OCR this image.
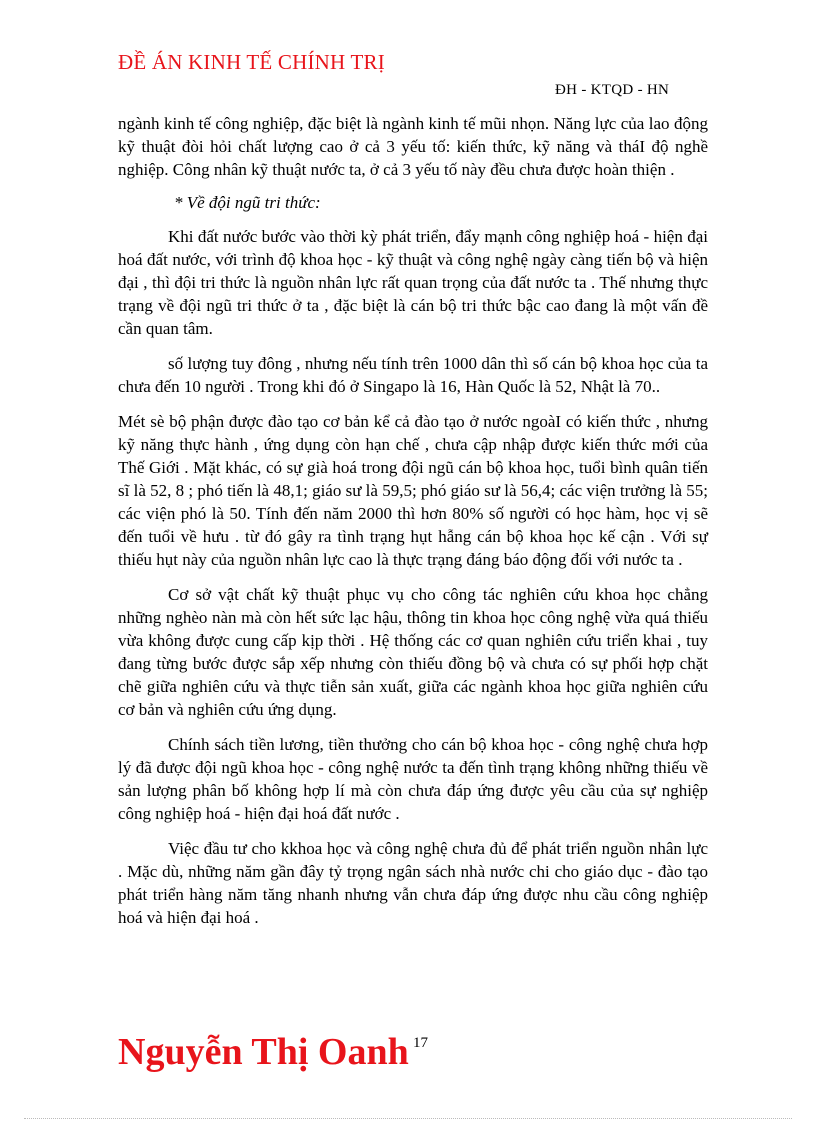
ĐỀ ÁN KINH TẾ CHÍNH TRỊ
ĐH - KTQD - HN

ngành kinh tế công nghiệp, đặc biệt là ngành kinh tế mũi nhọn. Năng lực của lao động kỹ thuật đòi hỏi chất lượng cao ở cả 3 yếu tố: kiến thức, kỹ năng và tháI độ nghề nghiệp. Công nhân kỹ thuật nước ta, ở cả 3 yếu tố này đều chưa được hoàn thiện .

* Về đội ngũ tri thức:

Khi đất nước bước vào thời kỳ phát triển, đẩy mạnh công nghiệp hoá - hiện đại hoá đất nước, với trình độ khoa học - kỹ thuật và công nghệ ngày càng tiến bộ và hiện đại , thì đội tri thức là nguồn nhân lực rất quan trọng của đất nước ta . Thế nhưng thực trạng về đội ngũ tri thức ở ta , đặc biệt là cán bộ tri thức bậc cao đang là một vấn đề cần quan tâm.

số lượng tuy đông , nhưng nếu tính trên 1000 dân thì số cán bộ khoa học của ta chưa đến 10 người . Trong khi đó ở Singapo là 16, Hàn Quốc là 52, Nhật là 70..

Mét sè bộ phận được đào tạo cơ bản kể cả đào tạo ở nước ngoàI có kiến thức , nhưng kỹ năng thực hành , ứng dụng còn hạn chế , chưa cập nhập được kiến thức mới của Thế Giới . Mặt khác, có sự già hoá trong đội ngũ cán bộ khoa học, tuổi bình quân tiến sĩ là 52, 8 ; phó tiến là 48,1; giáo sư là 59,5; phó giáo sư là 56,4; các viện trưởng là 55; các viện phó là 50. Tính đến năm 2000 thì hơn 80% số người có học hàm, học vị sẽ đến tuổi về hưu . từ đó gây ra tình trạng hụt hẫng cán bộ khoa học kế cận . Với sự thiếu hụt này của nguồn nhân lực cao là thực trạng đáng báo động đối với nước ta .

Cơ sở vật chất kỹ thuật phục vụ cho công tác nghiên cứu khoa học chẳng những nghèo nàn mà còn hết sức lạc hậu, thông tin khoa học công nghệ vừa quá thiếu vừa không được cung cấp kịp thời . Hệ thống các cơ quan nghiên cứu triển khai , tuy đang từng bước được sắp xếp nhưng còn thiếu đồng bộ và chưa có sự phối hợp chặt chẽ giữa nghiên cứu và thực tiễn sản xuất, giữa các ngành khoa học giữa nghiên cứu cơ bản và nghiên cứu ứng dụng.

Chính sách tiền lương, tiền thưởng cho cán bộ khoa học - công nghệ chưa hợp lý đã được đội ngũ khoa học - công nghệ nước ta đến tình trạng không những thiếu về sản lượng phân bố không hợp lí mà còn chưa đáp ứng được yêu cầu của sự nghiệp công nghiệp hoá - hiện đại hoá đất nước .

Việc đầu tư cho kkhoa học và công nghệ chưa đủ để phát triển nguồn nhân lực . Mặc dù, những năm gần đây tỷ trọng ngân sách nhà nước chi cho giáo dục - đào tạo phát triển hàng năm tăng nhanh nhưng vẫn chưa đáp ứng được nhu cầu công nghiệp hoá và hiện đại hoá .

Nguyễn Thị Oanh 17
